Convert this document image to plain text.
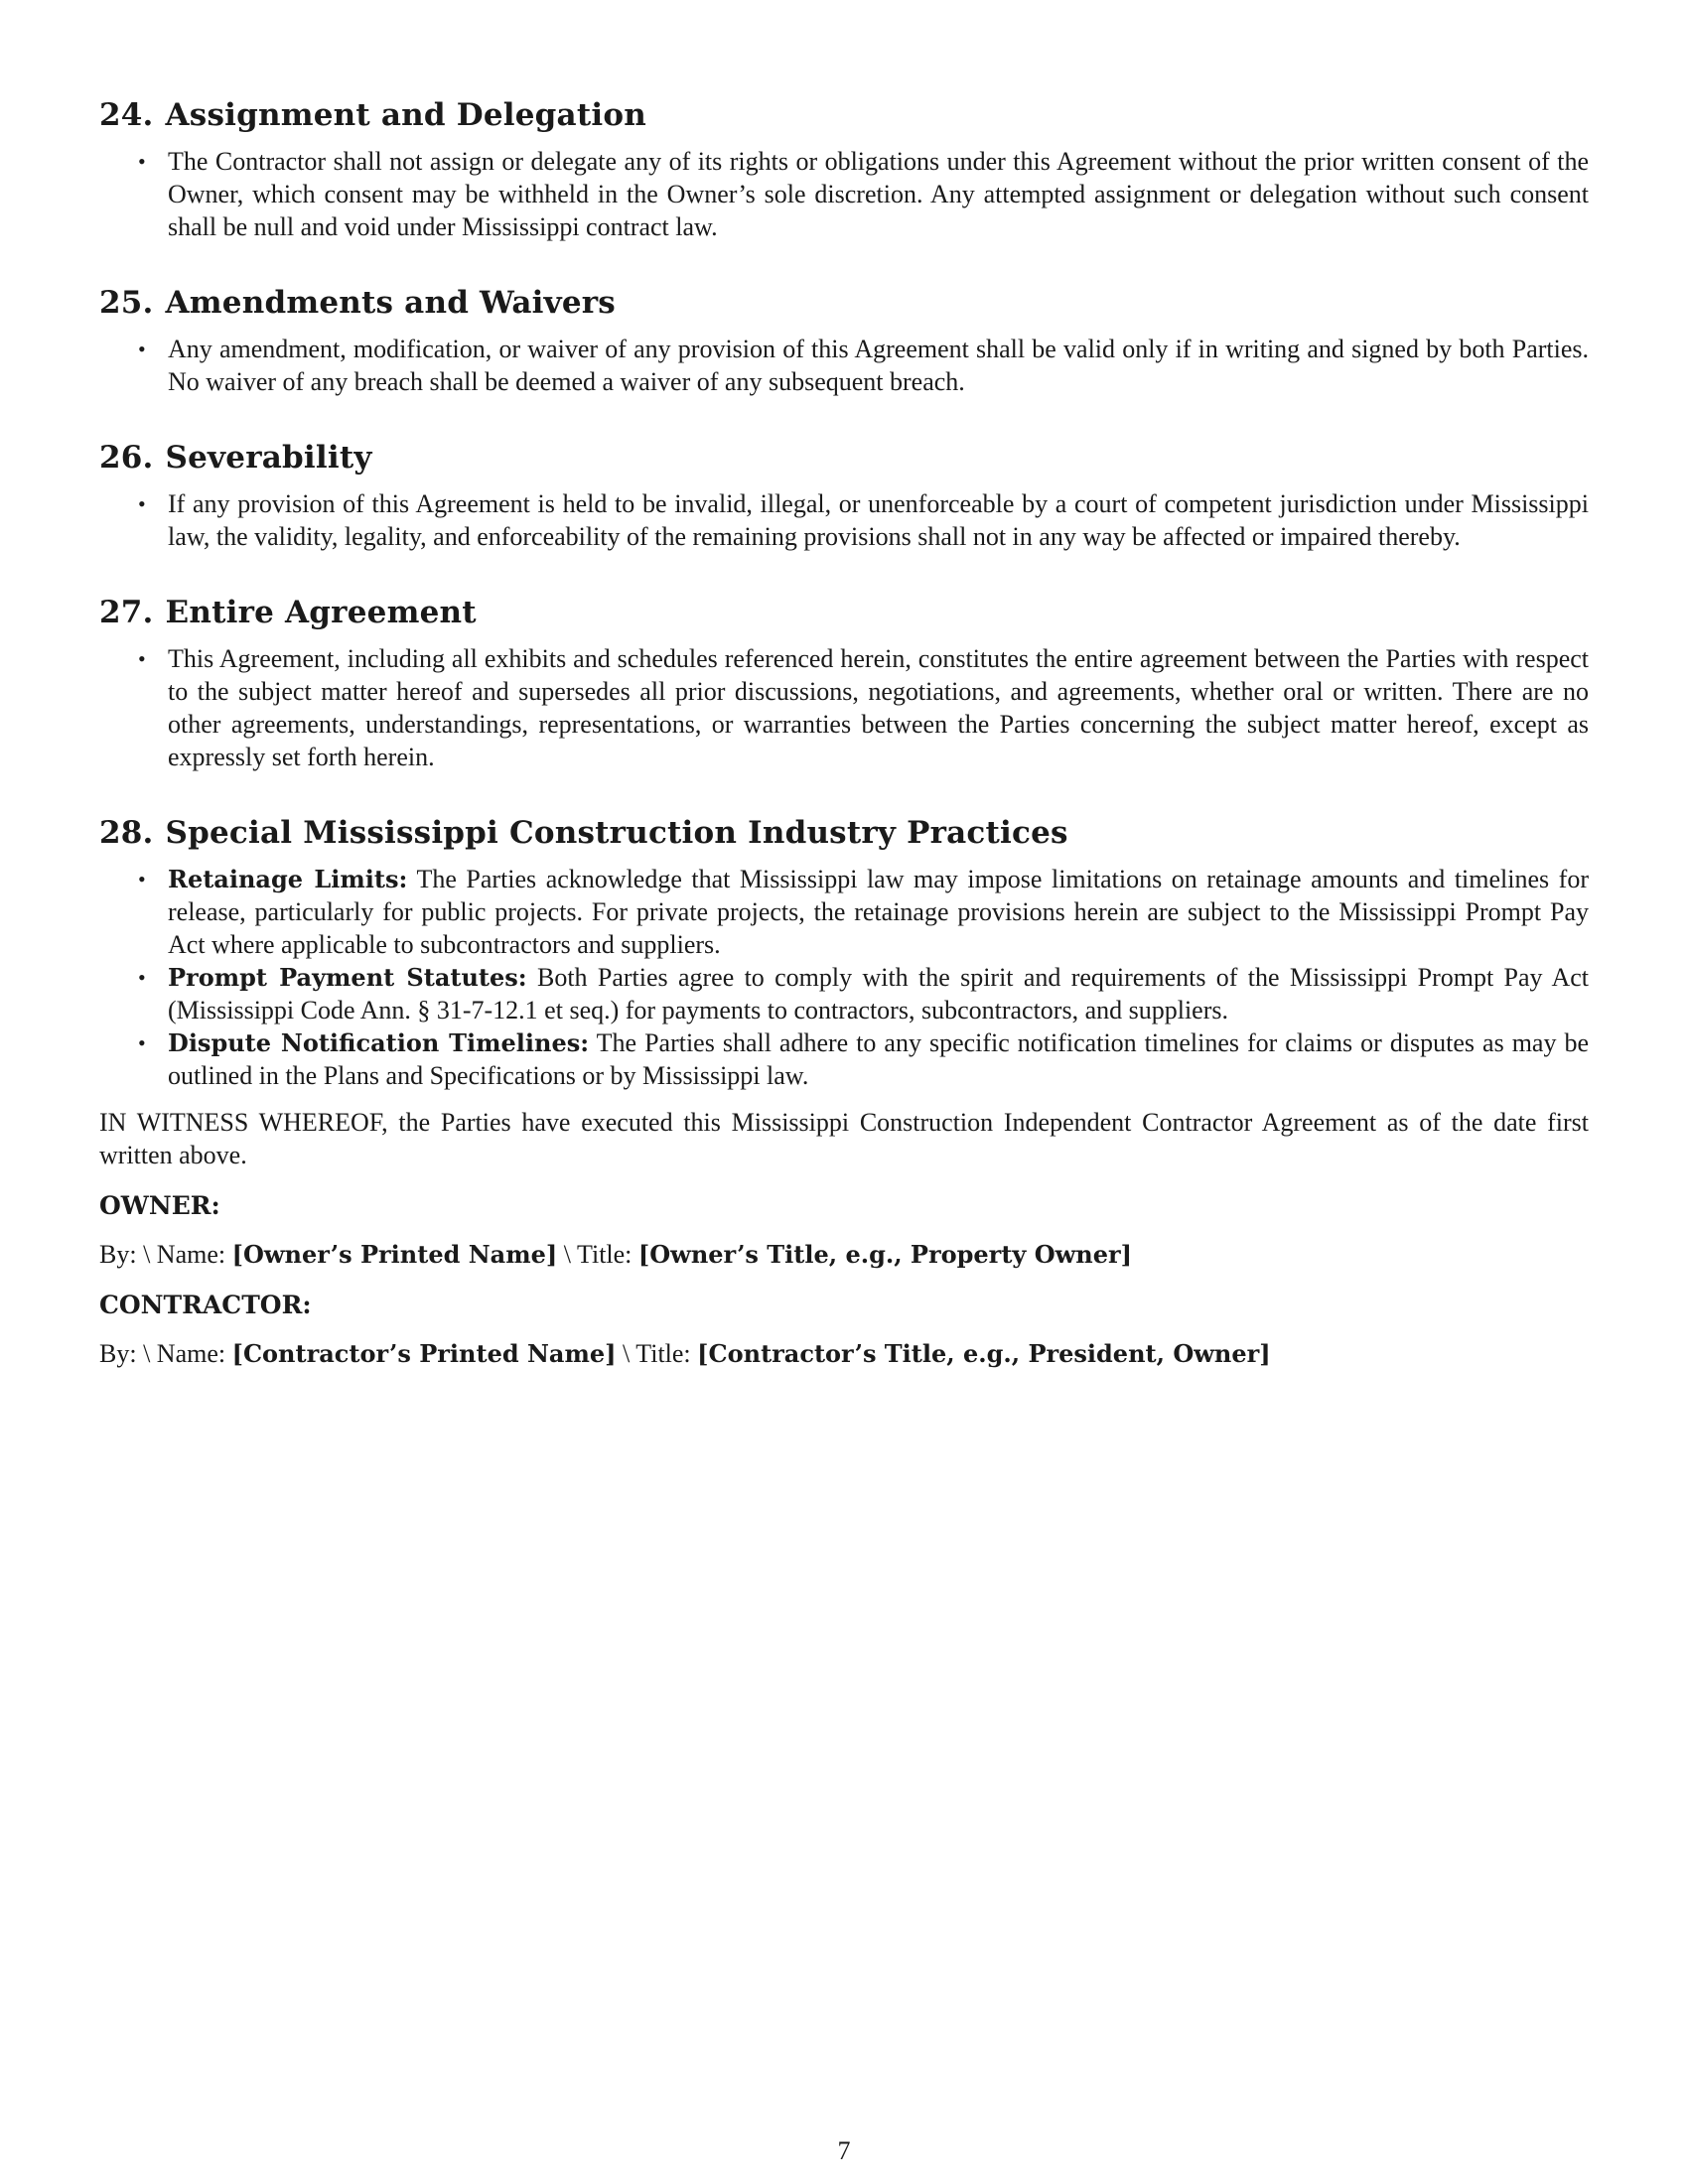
24. Assignment and Delegation
• The Contractor shall not assign or delegate any of its rights or obligations under this Agreement without the prior written consent of the Owner, which consent may be withheld in the Owner’s sole discretion. Any attempted assignment or delegation without such consent shall be null and void under Mississippi contract law.
25. Amendments and Waivers
• Any amendment, modification, or waiver of any provision of this Agreement shall be valid only if in writing and signed by both Parties. No waiver of any breach shall be deemed a waiver of any subsequent breach.
26. Severability
• If any provision of this Agreement is held to be invalid, illegal, or unenforceable by a court of competent jurisdiction under Mississippi law, the validity, legality, and enforceability of the remaining provisions shall not in any way be affected or impaired thereby.
27. Entire Agreement
• This Agreement, including all exhibits and schedules referenced herein, constitutes the entire agreement between the Parties with respect to the subject matter hereof and supersedes all prior discussions, negotiations, and agreements, whether oral or written. There are no other agreements, understandings, representations, or warranties between the Parties concerning the subject matter hereof, except as expressly set forth herein.
28. Special Mississippi Construction Industry Practices
• Retainage Limits: The Parties acknowledge that Mississippi law may impose limitations on retainage amounts and timelines for release, particularly for public projects. For private projects, the retainage provisions herein are subject to the Mississippi Prompt Pay Act where applicable to subcontractors and suppliers.
• Prompt Payment Statutes: Both Parties agree to comply with the spirit and requirements of the Mississippi Prompt Pay Act (Mississippi Code Ann. § 31-7-12.1 et seq.) for payments to contractors, subcontractors, and suppliers.
• Dispute Notification Timelines: The Parties shall adhere to any specific notification timelines for claims or disputes as may be outlined in the Plans and Specifications or by Mississippi law.

IN WITNESS WHEREOF, the Parties have executed this Mississippi Construction Independent Contractor Agreement as of the date first written above.

OWNER:
By: \ Name: [Owner’s Printed Name] \ Title: [Owner’s Title, e.g., Property Owner]
CONTRACTOR:
By: \ Name: [Contractor’s Printed Name] \ Title: [Contractor’s Title, e.g., President, Owner]
7
